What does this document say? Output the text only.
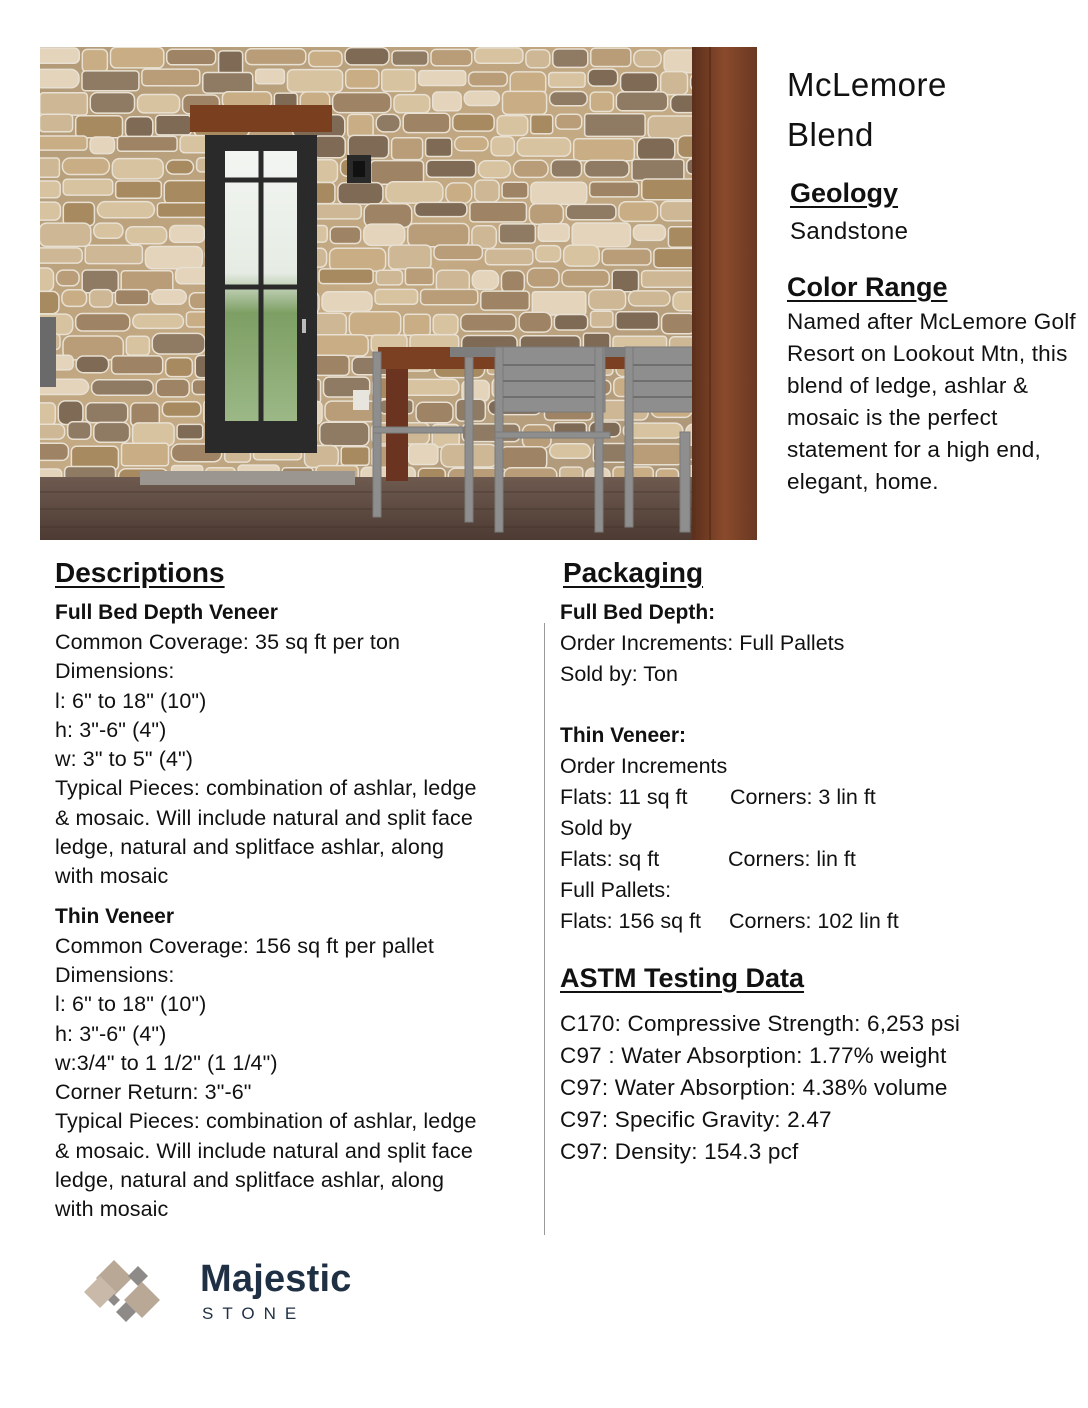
McLemore
Blend
Geology
Sandstone
Color Range
Named after McLemore Golf Resort on Lookout Mtn, this blend of ledge, ashlar & mosaic is the perfect statement for a high end, elegant, home.
Descriptions
Full Bed Depth Veneer
Common Coverage: 35 sq ft per ton
Dimensions:
l: 6" to 18" (10")
h: 3"-6" (4")
w: 3" to 5" (4")
Typical Pieces: combination of ashlar, ledge
& mosaic. Will include natural and split face
ledge, natural and splitface ashlar, along
with mosaic
Thin Veneer
Common Coverage: 156 sq ft per pallet
Dimensions:
l: 6" to 18" (10")
h: 3"-6" (4")
w:3/4" to 1 1/2" (1 1/4")
Corner Return: 3"-6"
Typical Pieces: combination of ashlar, ledge
& mosaic. Will include natural and split face
ledge, natural and splitface ashlar, along
with mosaic
Packaging
Full Bed Depth:
Order Increments: Full Pallets
Sold by: Ton
Thin Veneer:
Order Increments
Flats: 11 sq ft	Corners: 3 lin ft
Sold by
Flats: sq ft	Corners: lin ft
Full Pallets:
Flats: 156 sq ft	Corners: 102 lin ft
ASTM Testing Data
C170: Compressive Strength: 6,253 psi
C97 : Water Absorption: 1.77% weight
C97: Water Absorption: 4.38% volume
C97: Specific Gravity: 2.47
C97: Density: 154.3 pcf
Majestic
STONE
